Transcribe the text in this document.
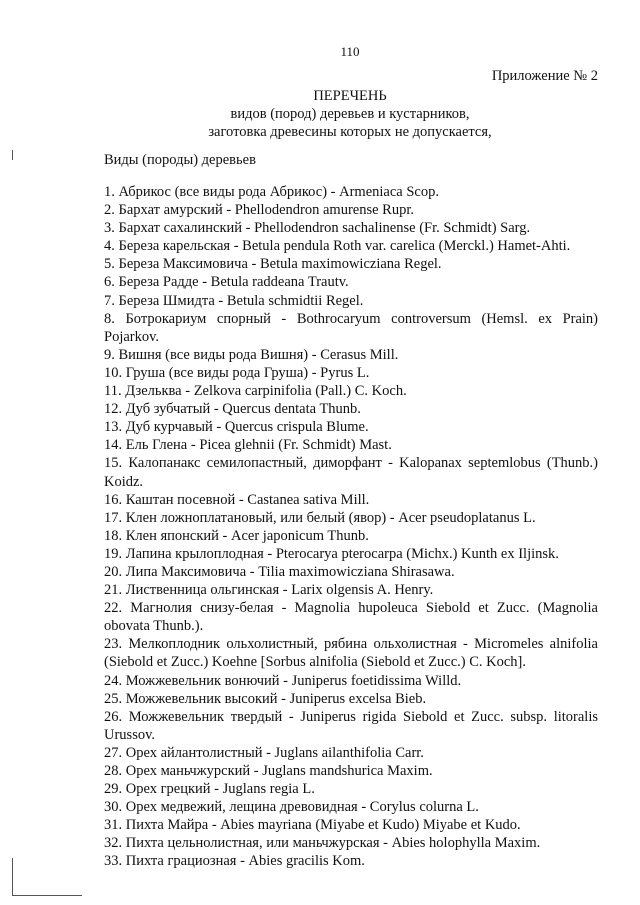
110
Приложение № 2
ПЕРЕЧЕНЬ
видов (пород) деревьев и кустарников,
заготовка древесины которых не допускается,
Виды (породы) деревьев
1. Абрикос (все виды рода Абрикос) - Armeniaca Scop.
2. Бархат амурский - Phellodendron amurense Rupr.
3. Бархат сахалинский - Phellodendron sachalinense (Fr. Schmidt) Sarg.
4. Береза карельская - Betula pendula Roth var. carelica (Merckl.) Hamet-Ahti.
5. Береза Максимовича - Betula maximowicziana Regel.
6. Береза Радде - Betula raddeana Trautv.
7. Береза Шмидта - Betula schmidtii Regel.
8. Ботрокариум спорный - Bothrocaryum controversum (Hemsl. ex Prain) Pojarkov.
9. Вишня (все виды рода Вишня) - Cerasus Mill.
10. Груша (все виды рода Груша) - Pyrus L.
11. Дзельква - Zelkova carpinifolia (Pall.) C. Koch.
12. Дуб зубчатый - Quercus dentata Thunb.
13. Дуб курчавый - Quercus crispula Blume.
14. Ель Глена - Picea glehnii (Fr. Schmidt) Mast.
15. Калопанакс семилопастный, диморфант - Kalopanax septemlobus (Thunb.) Koidz.
16. Каштан посевной - Castanea sativa Mill.
17. Клен ложноплатановый, или белый (явор) - Acer pseudoplatanus L.
18. Клен японский - Acer japonicum Thunb.
19. Лапина крылоплодная - Pterocarya pterocarpa (Michx.) Kunth ex Iljinsk.
20. Липа Максимовича - Tilia maximowicziana Shirasawa.
21. Лиственница ольгинская - Larix olgensis A. Henry.
22. Магнолия снизу-белая - Magnolia hupoleuca Siebold et Zucc. (Magnolia obovata Thunb.).
23. Мелкоплодник ольхолистный, рябина ольхолистная - Micromeles alnifolia (Siebold et Zucc.) Koehne [Sorbus alnifolia (Siebold et Zucc.) C. Koch].
24. Можжевельник вонючий - Juniperus foetidissima Willd.
25. Можжевельник высокий - Juniperus excelsa Bieb.
26. Можжевельник твердый - Juniperus rigida Siebold et Zucc. subsp. litoralis Urussov.
27. Орех айлантолистный - Juglans ailanthifolia Carr.
28. Орех маньчжурский - Juglans mandshurica Maxim.
29. Орех грецкий - Juglans regia L.
30. Орех медвежий, лещина древовидная - Corylus colurna L.
31. Пихта Майра - Abies mayriana (Miyabe et Kudo) Miyabe et Kudo.
32. Пихта цельнолистная, или маньчжурская - Abies holophylla Maxim.
33. Пихта грациозная - Abies gracilis Kom.
